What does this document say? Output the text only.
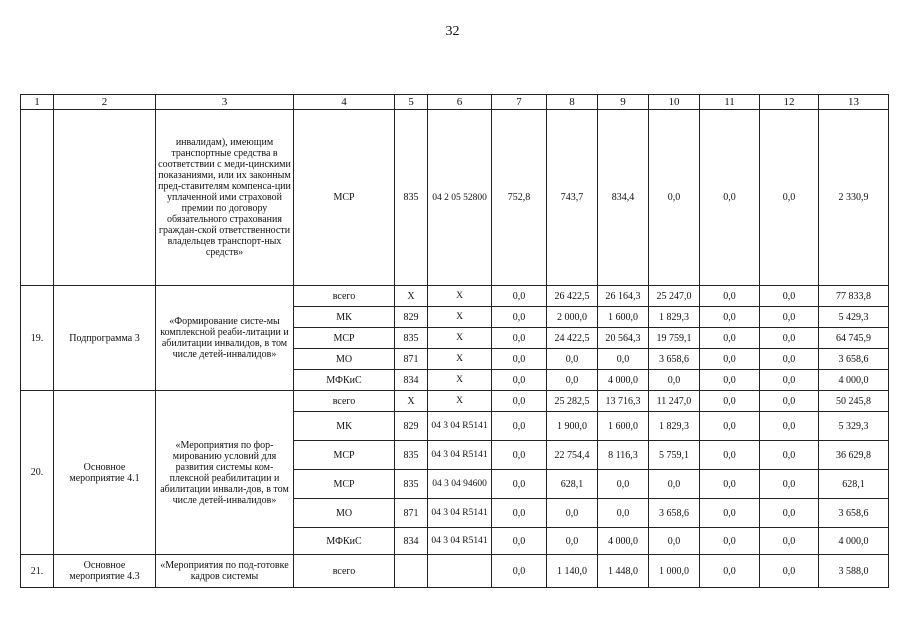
32
1	2	3	4	5	6	7	8	9	10	11	12	13
		инвалидам), имеющим транспортные средства в соответствии с меди-цинскими показаниями, или их законным пред-ставителям компенса-ции уплаченной ими страховой премии по договору обязательного страхования граждан-ской ответственности владельцев транспорт-ных средств»	МСР	835	04 2 05 52800	752,8	743,7	834,4	0,0	0,0	0,0	2 330,9
19.	Подпрограмма 3	«Формирование систе-мы комплексной реаби-литации и абилитации инвалидов, в том числе детей-инвалидов»	всего	Х	Х	0,0	26 422,5	26 164,3	25 247,0	0,0	0,0	77 833,8
			МК	829	Х	0,0	2 000,0	1 600,0	1 829,3	0,0	0,0	5 429,3
			МСР	835	Х	0,0	24 422,5	20 564,3	19 759,1	0,0	0,0	64 745,9
			МО	871	Х	0,0	0,0	0,0	3 658,6	0,0	0,0	3 658,6
			МФКиС	834	Х	0,0	0,0	4 000,0	0,0	0,0	0,0	4 000,0
20.	Основное мероприятие 4.1	«Мероприятия по фор-мированию условий для развития системы ком-плексной реабилитации и абилитации инвали-дов, в том числе детей-инвалидов»	всего	Х	Х	0,0	25 282,5	13 716,3	11 247,0	0,0	0,0	50 245,8
			МК	829	04 3 04 R5141	0,0	1 900,0	1 600,0	1 829,3	0,0	0,0	5 329,3
			МСР	835	04 3 04 R5141	0,0	22 754,4	8 116,3	5 759,1	0,0	0,0	36 629,8
			МСР	835	04 3 04 94600	0,0	628,1	0,0	0,0	0,0	0,0	628,1
			МО	871	04 3 04 R5141	0,0	0,0	0,0	3 658,6	0,0	0,0	3 658,6
			МФКиС	834	04 3 04 R5141	0,0	0,0	4 000,0	0,0	0,0	0,0	4 000,0
21.	Основное мероприятие 4.3	«Мероприятия по под-готовке кадров системы	всего			0,0	1 140,0	1 448,0	1 000,0	0,0	0,0	3 588,0
